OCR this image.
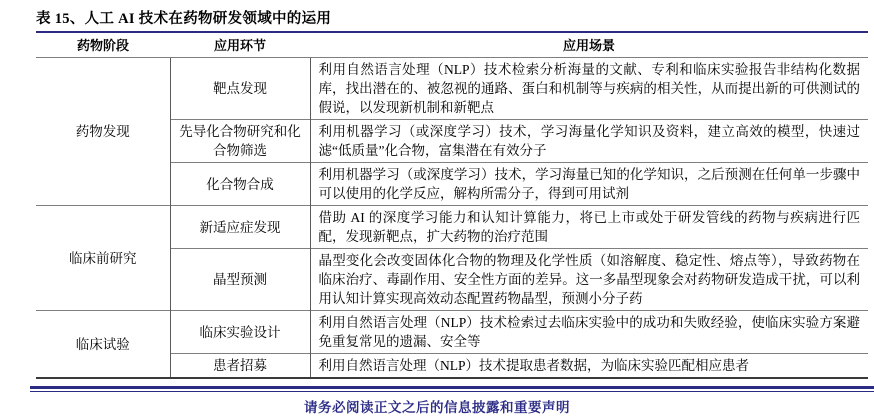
表 15、人工 AI 技术在药物研发领域中的运用
药物阶段	应用环节	应用场景
药物发现	靶点发现	利用自然语言处理（NLP）技术检索分析海量的文献、专利和临床实验报告非结构化数据库，找出潜在的、被忽视的通路、蛋白和机制等与疾病的相关性，从而提出新的可供测试的假说，以发现新机制和新靶点
	先导化合物研究和化合物筛选	利用机器学习（或深度学习）技术，学习海量化学知识及资料，建立高效的模型，快速过滤“低质量”化合物，富集潜在有效分子
	化合物合成	利用机器学习（或深度学习）技术，学习海量已知的化学知识，之后预测在任何单一步骤中可以使用的化学反应，解构所需分子，得到可用试剂
临床前研究	新适应症发现	借助 AI 的深度学习能力和认知计算能力，将已上市或处于研发管线的药物与疾病进行匹配，发现新靶点，扩大药物的治疗范围
	晶型预测	晶型变化会改变固体化合物的物理及化学性质（如溶解度、稳定性、熔点等），导致药物在临床治疗、毒副作用、安全性方面的差异。这一多晶型现象会对药物研发造成干扰，可以利用认知计算实现高效动态配置药物晶型，预测小分子药
临床试验	临床实验设计	利用自然语言处理（NLP）技术检索过去临床实验中的成功和失败经验，使临床实验方案避免重复常见的遗漏、安全等
	患者招募	利用自然语言处理（NLP）技术提取患者数据，为临床实验匹配相应患者
请务必阅读正文之后的信息披露和重要声明
